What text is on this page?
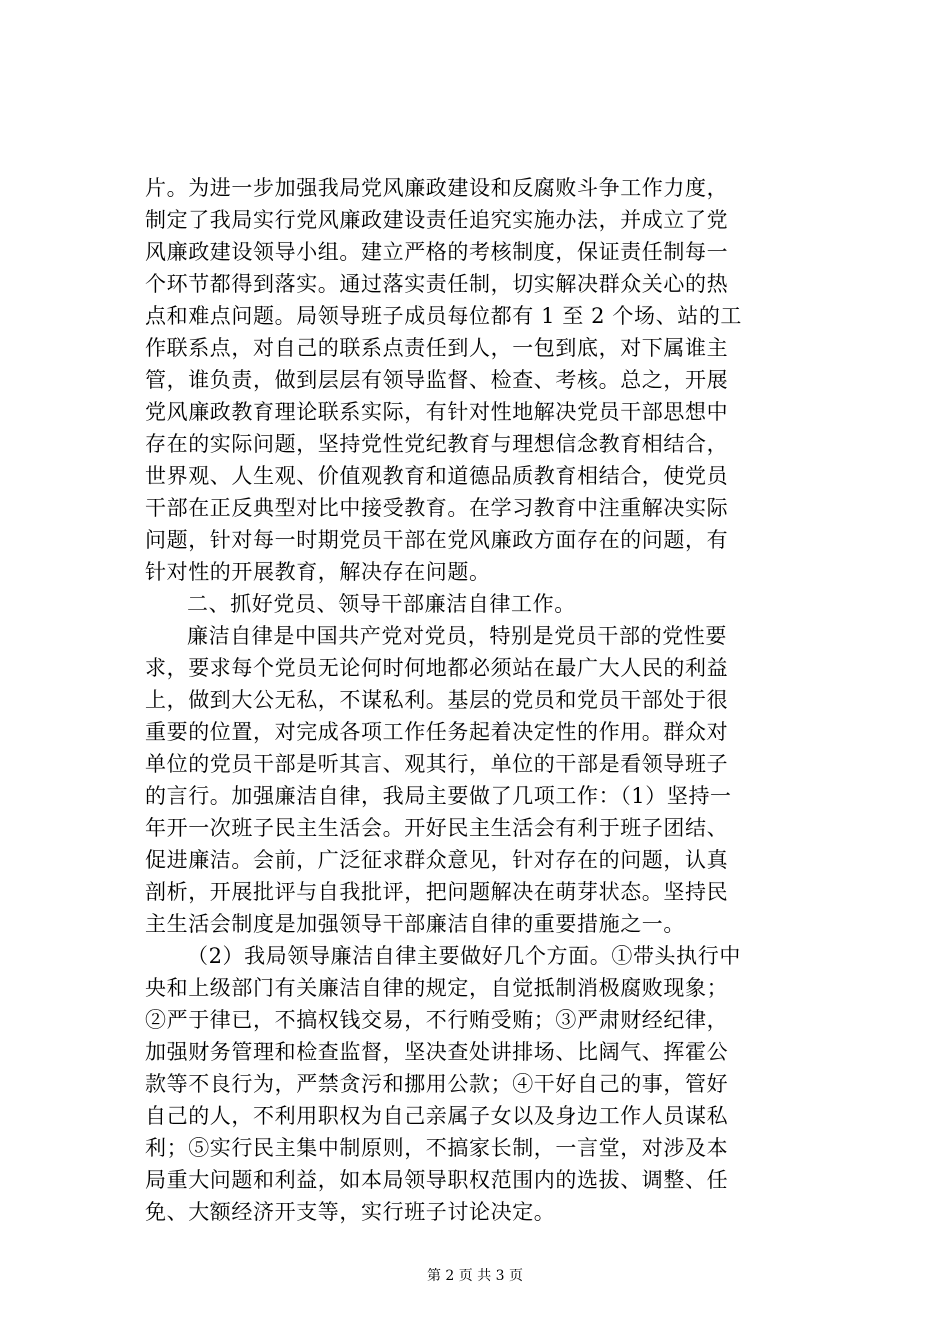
片。为进一步加强我局党风廉政建设和反腐败斗争工作力度，
制定了我局实行党风廉政建设责任追究实施办法，并成立了党
风廉政建设领导小组。建立严格的考核制度，保证责任制每一
个环节都得到落实。通过落实责任制，切实解决群众关心的热
点和难点问题。局领导班子成员每位都有 1 至 2 个场、站的工
作联系点，对自己的联系点责任到人，一包到底，对下属谁主
管，谁负责，做到层层有领导监督、检查、考核。总之，开展
党风廉政教育理论联系实际，有针对性地解决党员干部思想中
存在的实际问题，坚持党性党纪教育与理想信念教育相结合，
世界观、人生观、价值观教育和道德品质教育相结合，使党员
干部在正反典型对比中接受教育。在学习教育中注重解决实际
问题，针对每一时期党员干部在党风廉政方面存在的问题，有
针对性的开展教育，解决存在问题。
二、抓好党员、领导干部廉洁自律工作。
廉洁自律是中国共产党对党员，特别是党员干部的党性要
求，要求每个党员无论何时何地都必须站在最广大人民的利益
上，做到大公无私，不谋私利。基层的党员和党员干部处于很
重要的位置，对完成各项工作任务起着决定性的作用。群众对
单位的党员干部是听其言、观其行，单位的干部是看领导班子
的言行。加强廉洁自律，我局主要做了几项工作：（1）坚持一
年开一次班子民主生活会。开好民主生活会有利于班子团结、
促进廉洁。会前，广泛征求群众意见，针对存在的问题，认真
剖析，开展批评与自我批评，把问题解决在萌芽状态。坚持民
主生活会制度是加强领导干部廉洁自律的重要措施之一。
（2）我局领导廉洁自律主要做好几个方面。①带头执行中
央和上级部门有关廉洁自律的规定，自觉抵制消极腐败现象；
②严于律已，不搞权钱交易，不行贿受贿；③严肃财经纪律，
加强财务管理和检查监督，坚决查处讲排场、比阔气、挥霍公
款等不良行为，严禁贪污和挪用公款；④干好自己的事，管好
自己的人，不利用职权为自己亲属子女以及身边工作人员谋私
利；⑤实行民主集中制原则，不搞家长制，一言堂，对涉及本
局重大问题和利益，如本局领导职权范围内的选拔、调整、任
免、大额经济开支等，实行班子讨论决定。
第 2 页 共 3 页
